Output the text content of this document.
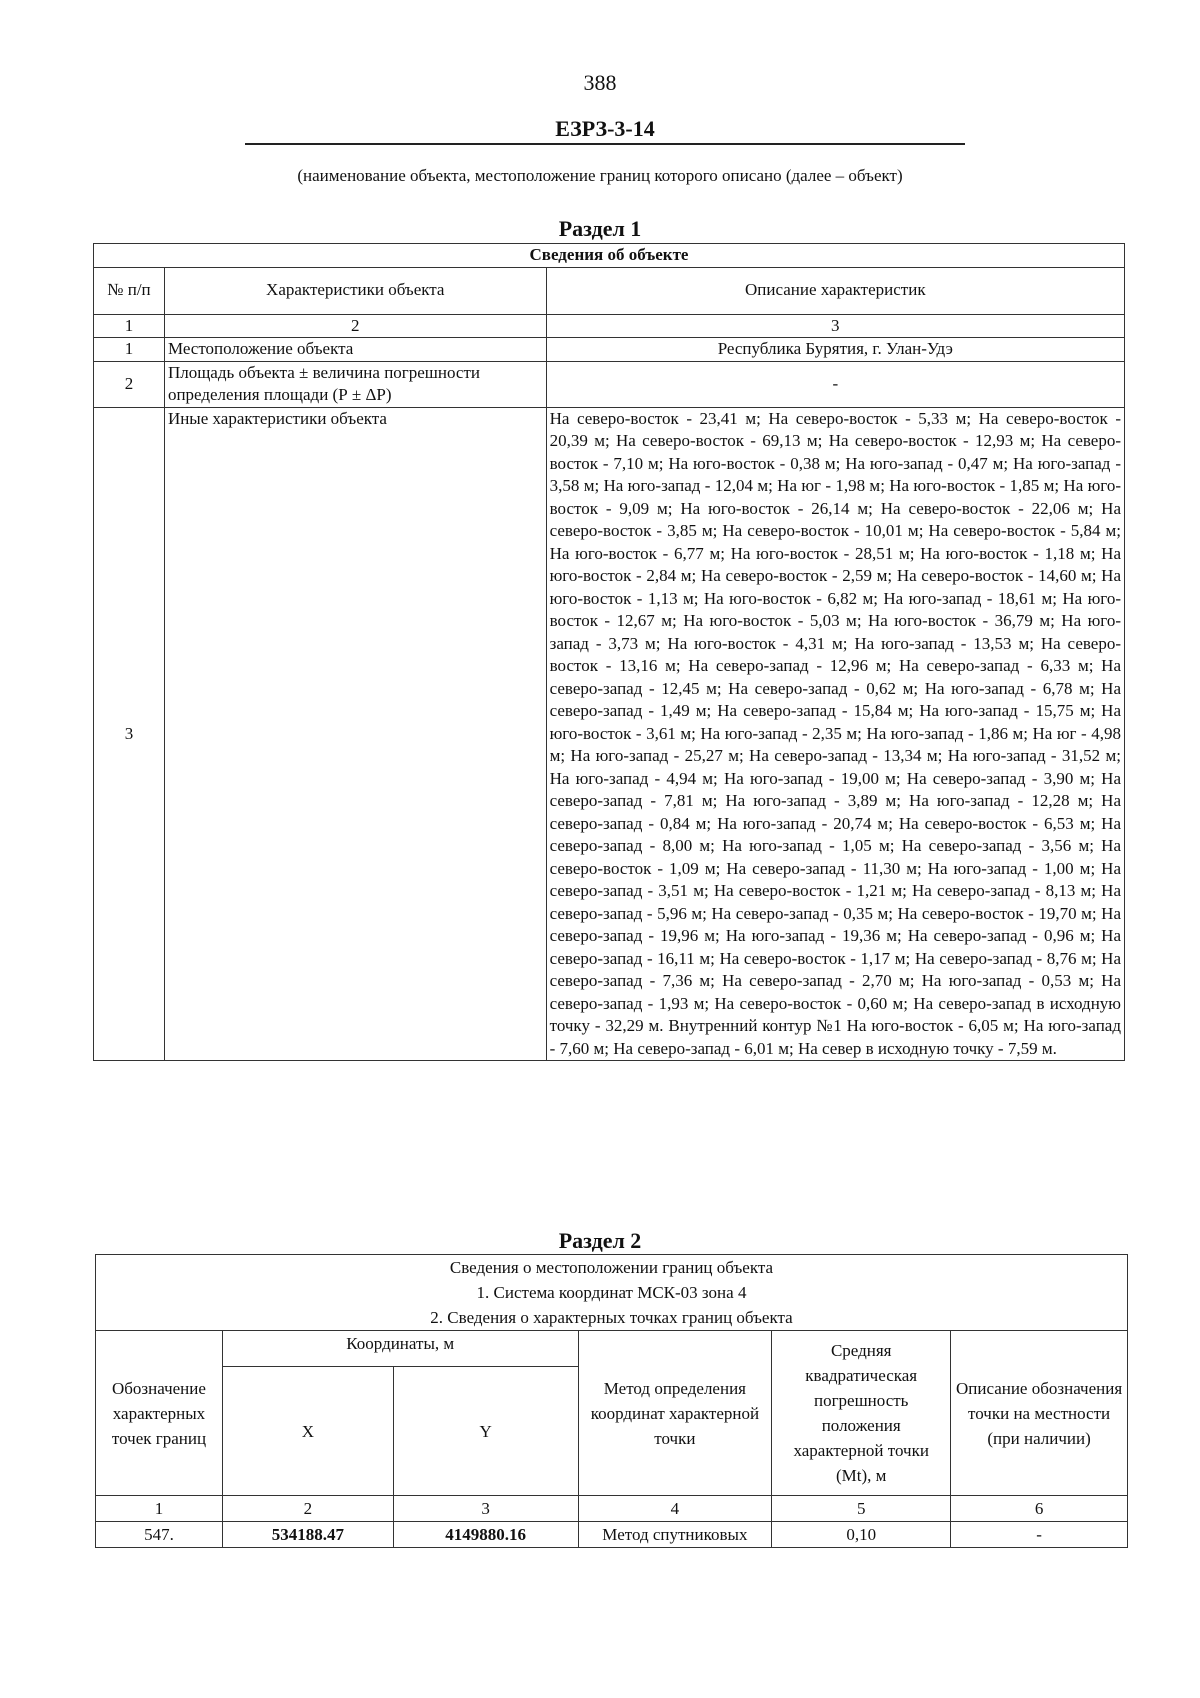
388
ЕЗРЗ-3-14
(наименование объекта, местоположение границ которого описано (далее – объект)
Раздел 1
Сведения об объекте		
№ п/п	Характеристики объекта	Описание характеристик
1	2	3
1	Местоположение объекта	Республика Бурятия, г. Улан-Удэ
2	Площадь объекта ± величина погрешности определения площади (Р ± ΔР)	-
3	Иные характеристики объекта	На северо-восток - 23,41 м; На северо-восток - 5,33 м; На северо-восток - 20,39 м; На северо-восток - 69,13 м; На северо-восток - 12,93 м; На северо-восток - 7,10 м; На юго-восток - 0,38 м; На юго-запад - 0,47 м; На юго-запад - 3,58 м; На юго-запад - 12,04 м; На юг - 1,98 м; На юго-восток - 1,85 м; На юго-восток - 9,09 м; На юго-восток - 26,14 м; На северо-восток - 22,06 м; На северо-восток - 3,85 м; На северо-восток - 10,01 м; На северо-восток - 5,84 м; На юго-восток - 6,77 м; На юго-восток - 28,51 м; На юго-восток - 1,18 м; На юго-восток - 2,84 м; На северо-восток - 2,59 м; На северо-восток - 14,60 м; На юго-восток - 1,13 м; На юго-восток - 6,82 м; На юго-запад - 18,61 м; На юго-восток - 12,67 м; На юго-восток - 5,03 м; На юго-восток - 36,79 м; На юго-запад - 3,73 м; На юго-восток - 4,31 м; На юго-запад - 13,53 м; На северо-восток - 13,16 м; На северо-запад - 12,96 м; На северо-запад - 6,33 м; На северо-запад - 12,45 м; На северо-запад - 0,62 м; На юго-запад - 6,78 м; На северо-запад - 1,49 м; На северо-запад - 15,84 м; На юго-запад - 15,75 м; На юго-восток - 3,61 м; На юго-запад - 2,35 м; На юго-запад - 1,86 м; На юг - 4,98 м; На юго-запад - 25,27 м; На северо-запад - 13,34 м; На юго-запад - 31,52 м; На юго-запад - 4,94 м; На юго-запад - 19,00 м; На северо-запад - 3,90 м; На северо-запад - 7,81 м; На юго-запад - 3,89 м; На юго-запад - 12,28 м; На северо-запад - 0,84 м; На юго-запад - 20,74 м; На северо-восток - 6,53 м; На северо-запад - 8,00 м; На юго-запад - 1,05 м; На северо-запад - 3,56 м; На северо-восток - 1,09 м; На северо-запад - 11,30 м; На юго-запад - 1,00 м; На северо-запад - 3,51 м; На северо-восток - 1,21 м; На северо-запад - 8,13 м; На северо-запад - 5,96 м; На северо-запад - 0,35 м; На северо-восток - 19,70 м; На северо-запад - 19,96 м; На юго-запад - 19,36 м; На северо-запад - 0,96 м; На северо-запад - 16,11 м; На северо-восток - 1,17 м; На северо-запад - 8,76 м; На северо-запад - 7,36 м; На северо-запад - 2,70 м; На юго-запад - 0,53 м; На северо-запад - 1,93 м; На северо-восток - 0,60 м; На северо-запад в исходную точку - 32,29 м. Внутренний контур №1 На юго-восток - 6,05 м; На юго-запад - 7,60 м; На северо-запад - 6,01 м; На север в исходную точку - 7,59 м.
Раздел 2
Сведения о местоположении границ объекта					
1. Система координат МСК-03 зона 4					
2. Сведения о характерных точках границ объекта					
Обозначение характерных точек границ	Координаты, м		Метод определения координат характерной точки	Средняя квадратическая погрешность положения характерной точки (Mt), м	Описание обозначения точки на местности (при наличии)
	X	Y			
1	2	3	4	5	6
547.	534188.47	4149880.16	Метод спутниковых	0,10	-
